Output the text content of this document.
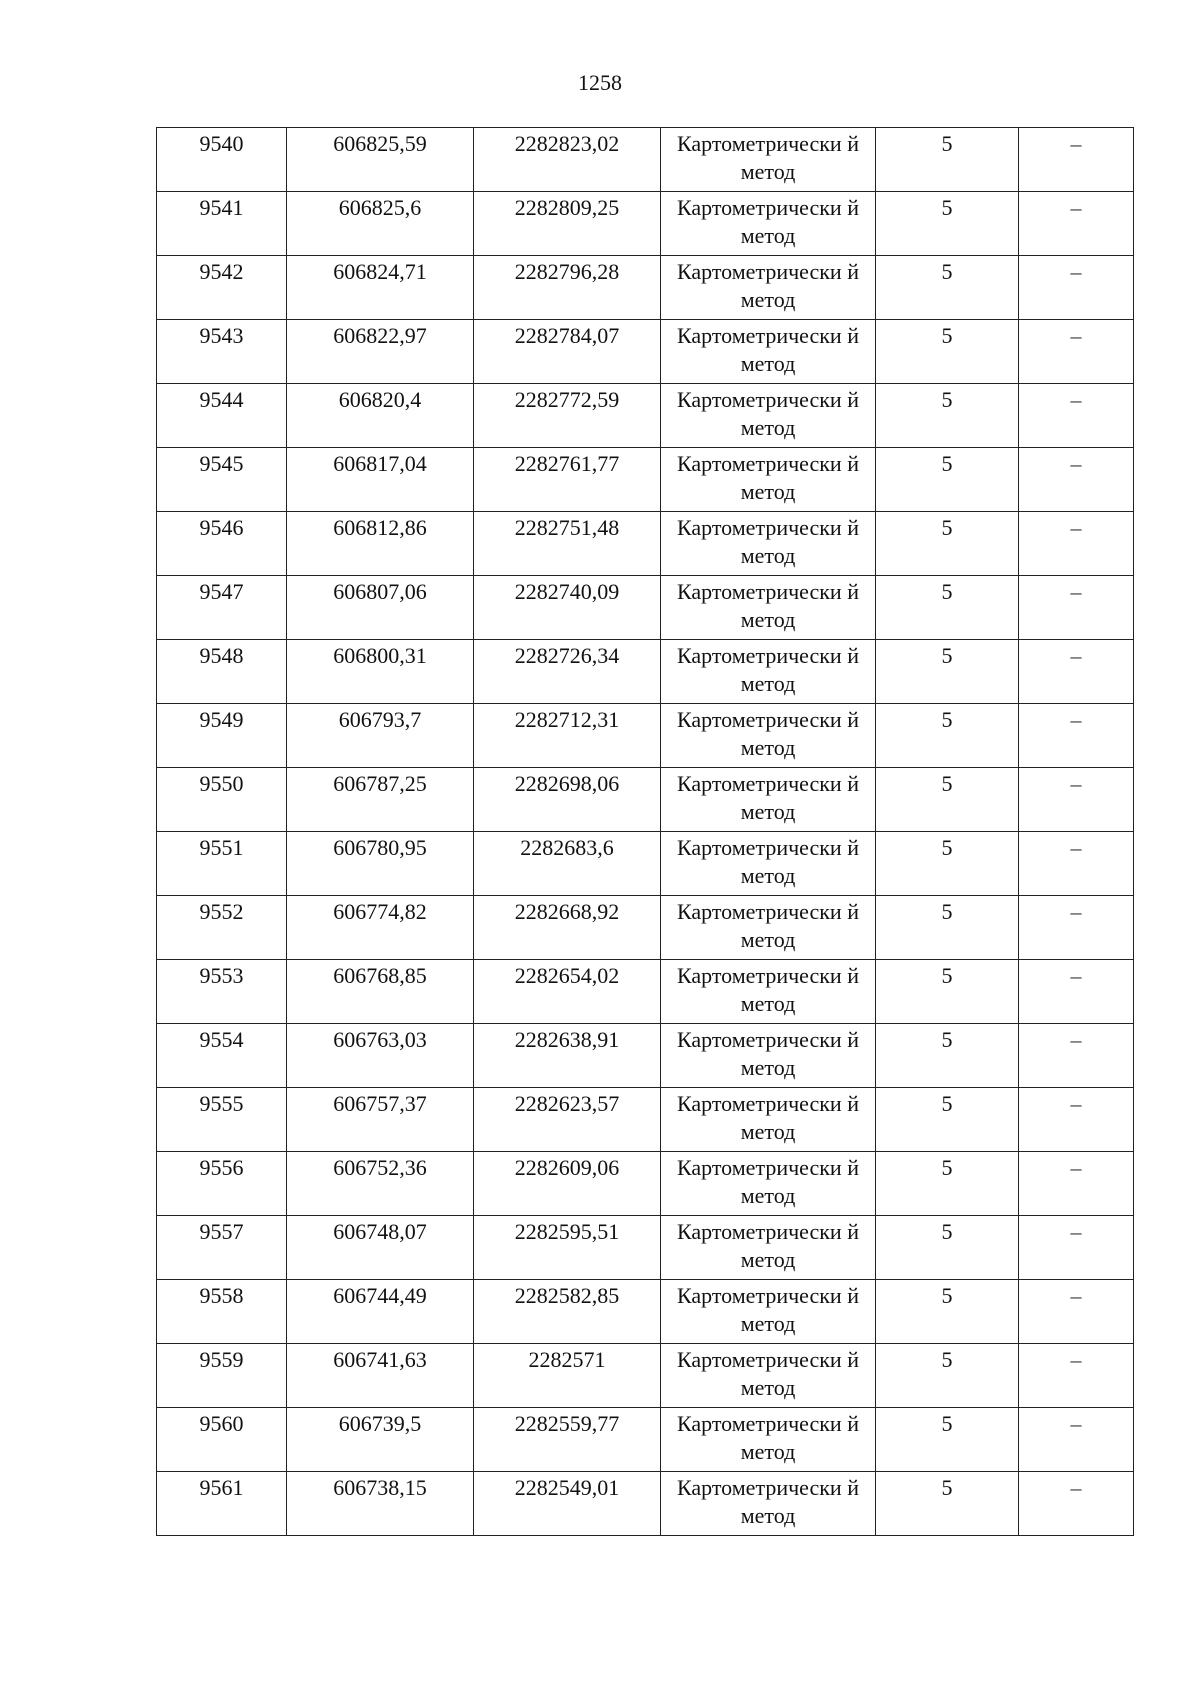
1258
9540	606825,59	2282823,02	Картометрически й метод	5	–

9541	606825,6	2282809,25	Картометрически й метод	5	–

9542	606824,71	2282796,28	Картометрически й метод	5	–

9543	606822,97	2282784,07	Картометрически й метод	5	–

9544	606820,4	2282772,59	Картометрически й метод	5	–

9545	606817,04	2282761,77	Картометрически й метод	5	–

9546	606812,86	2282751,48	Картометрически й метод	5	–

9547	606807,06	2282740,09	Картометрически й метод	5	–

9548	606800,31	2282726,34	Картометрически й метод	5	–

9549	606793,7	2282712,31	Картометрически й метод	5	–

9550	606787,25	2282698,06	Картометрически й метод	5	–

9551	606780,95	2282683,6	Картометрически й метод	5	–

9552	606774,82	2282668,92	Картометрически й метод	5	–

9553	606768,85	2282654,02	Картометрически й метод	5	–

9554	606763,03	2282638,91	Картометрически й метод	5	–

9555	606757,37	2282623,57	Картометрически й метод	5	–

9556	606752,36	2282609,06	Картометрически й метод	5	–

9557	606748,07	2282595,51	Картометрически й метод	5	–

9558	606744,49	2282582,85	Картометрически й метод	5	–

9559	606741,63	2282571	Картометрически й метод	5	–

9560	606739,5	2282559,77	Картометрически й метод	5	–

9561	606738,15	2282549,01	Картометрически й метод	5	–
